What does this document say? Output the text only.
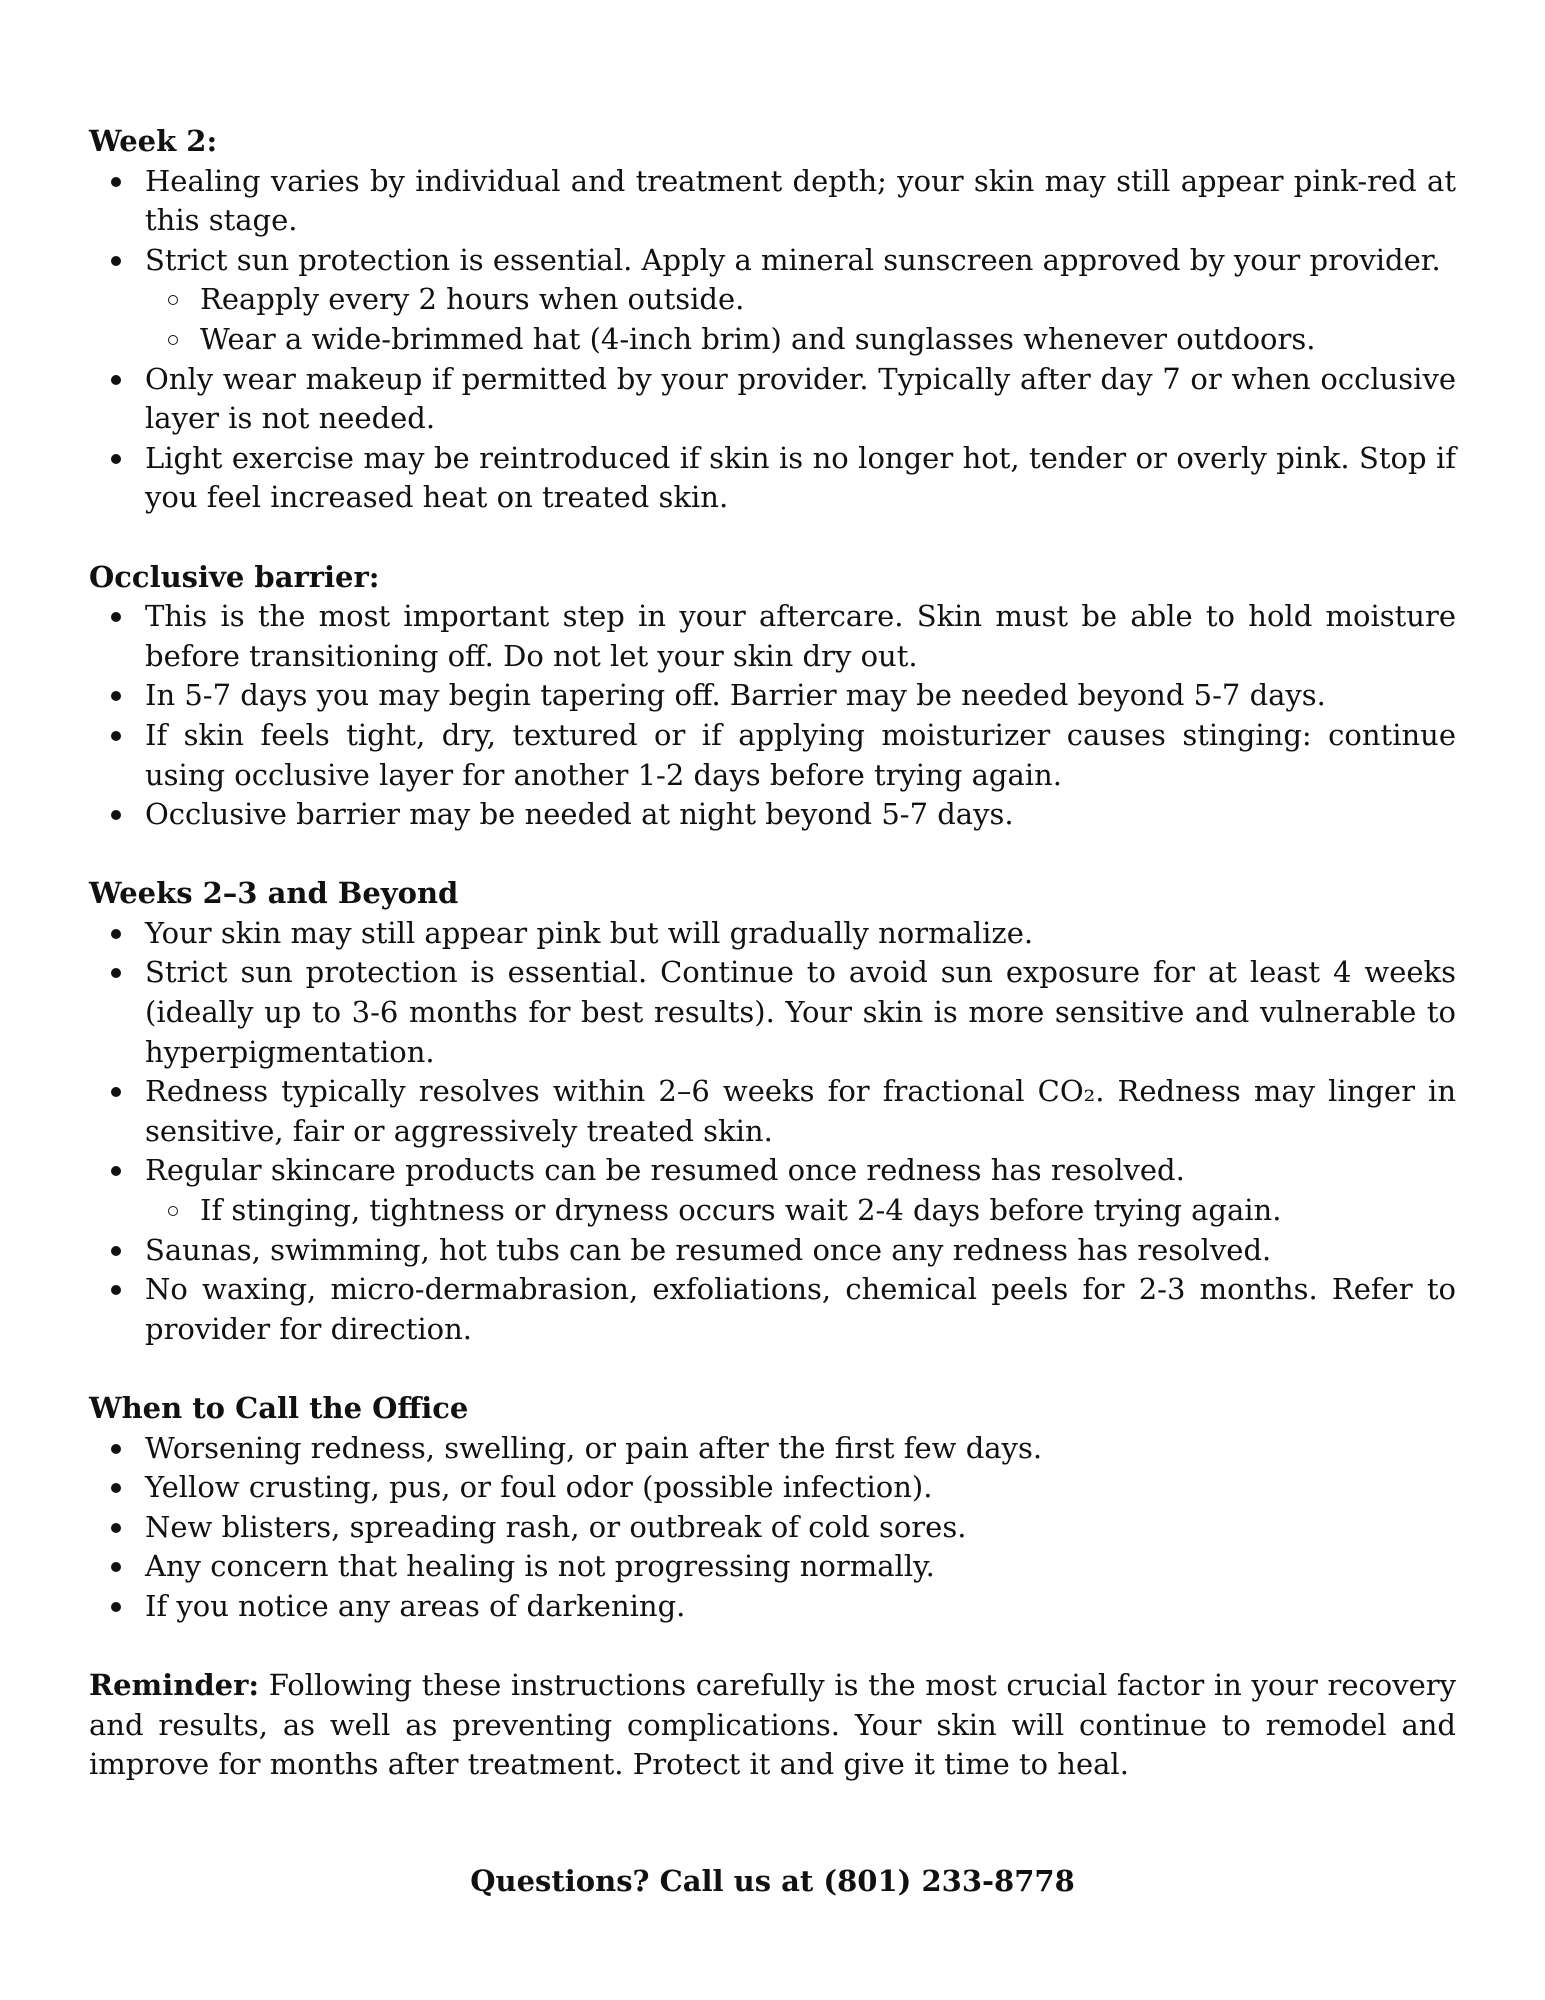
Week 2:

Healing varies by individual and treatment depth; your skin may still appear pink-red at this stage.
Strict sun protection is essential. Apply a mineral sunscreen approved by your provider.
Reapply every 2 hours when outside.
Wear a wide-brimmed hat (4-inch brim) and sunglasses whenever outdoors.
Only wear makeup if permitted by your provider. Typically after day 7 or when occlusive layer is not needed.
Light exercise may be reintroduced if skin is no longer hot, tender or overly pink. Stop if you feel increased heat on treated skin.

Occlusive barrier:

This is the most important step in your aftercare. Skin must be able to hold moisture before transitioning off. Do not let your skin dry out.
In 5-7 days you may begin tapering off. Barrier may be needed beyond 5-7 days.
If skin feels tight, dry, textured or if applying moisturizer causes stinging: continue using occlusive layer for another 1-2 days before trying again.
Occlusive barrier may be needed at night beyond 5-7 days.

Weeks 2–3 and Beyond

Your skin may still appear pink but will gradually normalize.
Strict sun protection is essential. Continue to avoid sun exposure for at least 4 weeks (ideally up to 3-6 months for best results). Your skin is more sensitive and vulnerable to hyperpigmentation.
Redness typically resolves within 2–6 weeks for fractional CO₂. Redness may linger in sensitive, fair or aggressively treated skin.
Regular skincare products can be resumed once redness has resolved.
If stinging, tightness or dryness occurs wait 2-4 days before trying again.
Saunas, swimming, hot tubs can be resumed once any redness has resolved.
No waxing, micro-dermabrasion, exfoliations, chemical peels for 2-3 months. Refer to provider for direction.

When to Call the Office

Worsening redness, swelling, or pain after the first few days.
Yellow crusting, pus, or foul odor (possible infection).
New blisters, spreading rash, or outbreak of cold sores.
Any concern that healing is not progressing normally.
If you notice any areas of darkening.

Reminder: Following these instructions carefully is the most crucial factor in your recovery and results, as well as preventing complications. Your skin will continue to remodel and improve for months after treatment. Protect it and give it time to heal.

Questions? Call us at (801) 233-8778
